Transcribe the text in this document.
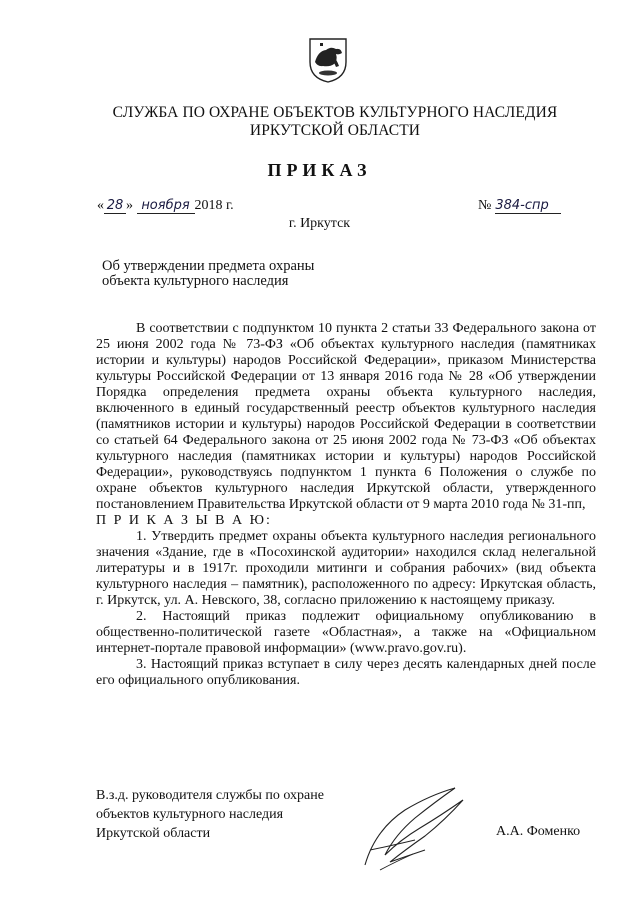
СЛУЖБА ПО ОХРАНЕ ОБЪЕКТОВ КУЛЬТУРНОГО НАСЛЕДИЯ ИРКУТСКОЙ ОБЛАСТИ
ПРИКАЗ
« 28 » ноября 2018 г.	№ 384-спр
г. Иркутск
Об утверждении предмета охраны
объекта культурного наследия

В соответствии с подпунктом 10 пункта 2 статьи 33 Федерального закона от 25 июня 2002 года № 73-ФЗ «Об объектах культурного наследия (памятниках истории и культуры) народов Российской Федерации», приказом Министерства культуры Российской Федерации от 13 января 2016 года № 28 «Об утверждении Порядка определения предмета охраны объекта культурного наследия, включенного в единый государственный реестр объектов культурного наследия (памятников истории и культуры) народов Российской Федерации в соответствии со статьей 64 Федерального закона от 25 июня 2002 года № 73-ФЗ «Об объектах культурного наследия (памятниках истории и культуры) народов Российской Федерации», руководствуясь подпунктом 1 пункта 6 Положения о службе по охране объектов культурного наследия Иркутской области, утвержденного постановлением Правительства Иркутской области от 9 марта 2010 года № 31-пп,

П Р И К А З Ы В А Ю:

1. Утвердить предмет охраны объекта культурного наследия регионального значения «Здание, где в «Посохинской аудитории» находился склад нелегальной литературы и в 1917г. проходили митинги и собрания рабочих» (вид объекта культурного наследия – памятник), расположенного по адресу: Иркутская область, г. Иркутск, ул. А. Невского, 38, согласно приложению к настоящему приказу.

2. Настоящий приказ подлежит официальному опубликованию в общественно-политической газете «Областная», а также на «Официальном интернет-портале правовой информации» (www.pravo.gov.ru).

3. Настоящий приказ вступает в силу через десять календарных дней после его официального опубликования.

В.з.д. руководителя службы по охране
объектов культурного наследия
Иркутской области	А.А. Фоменко
